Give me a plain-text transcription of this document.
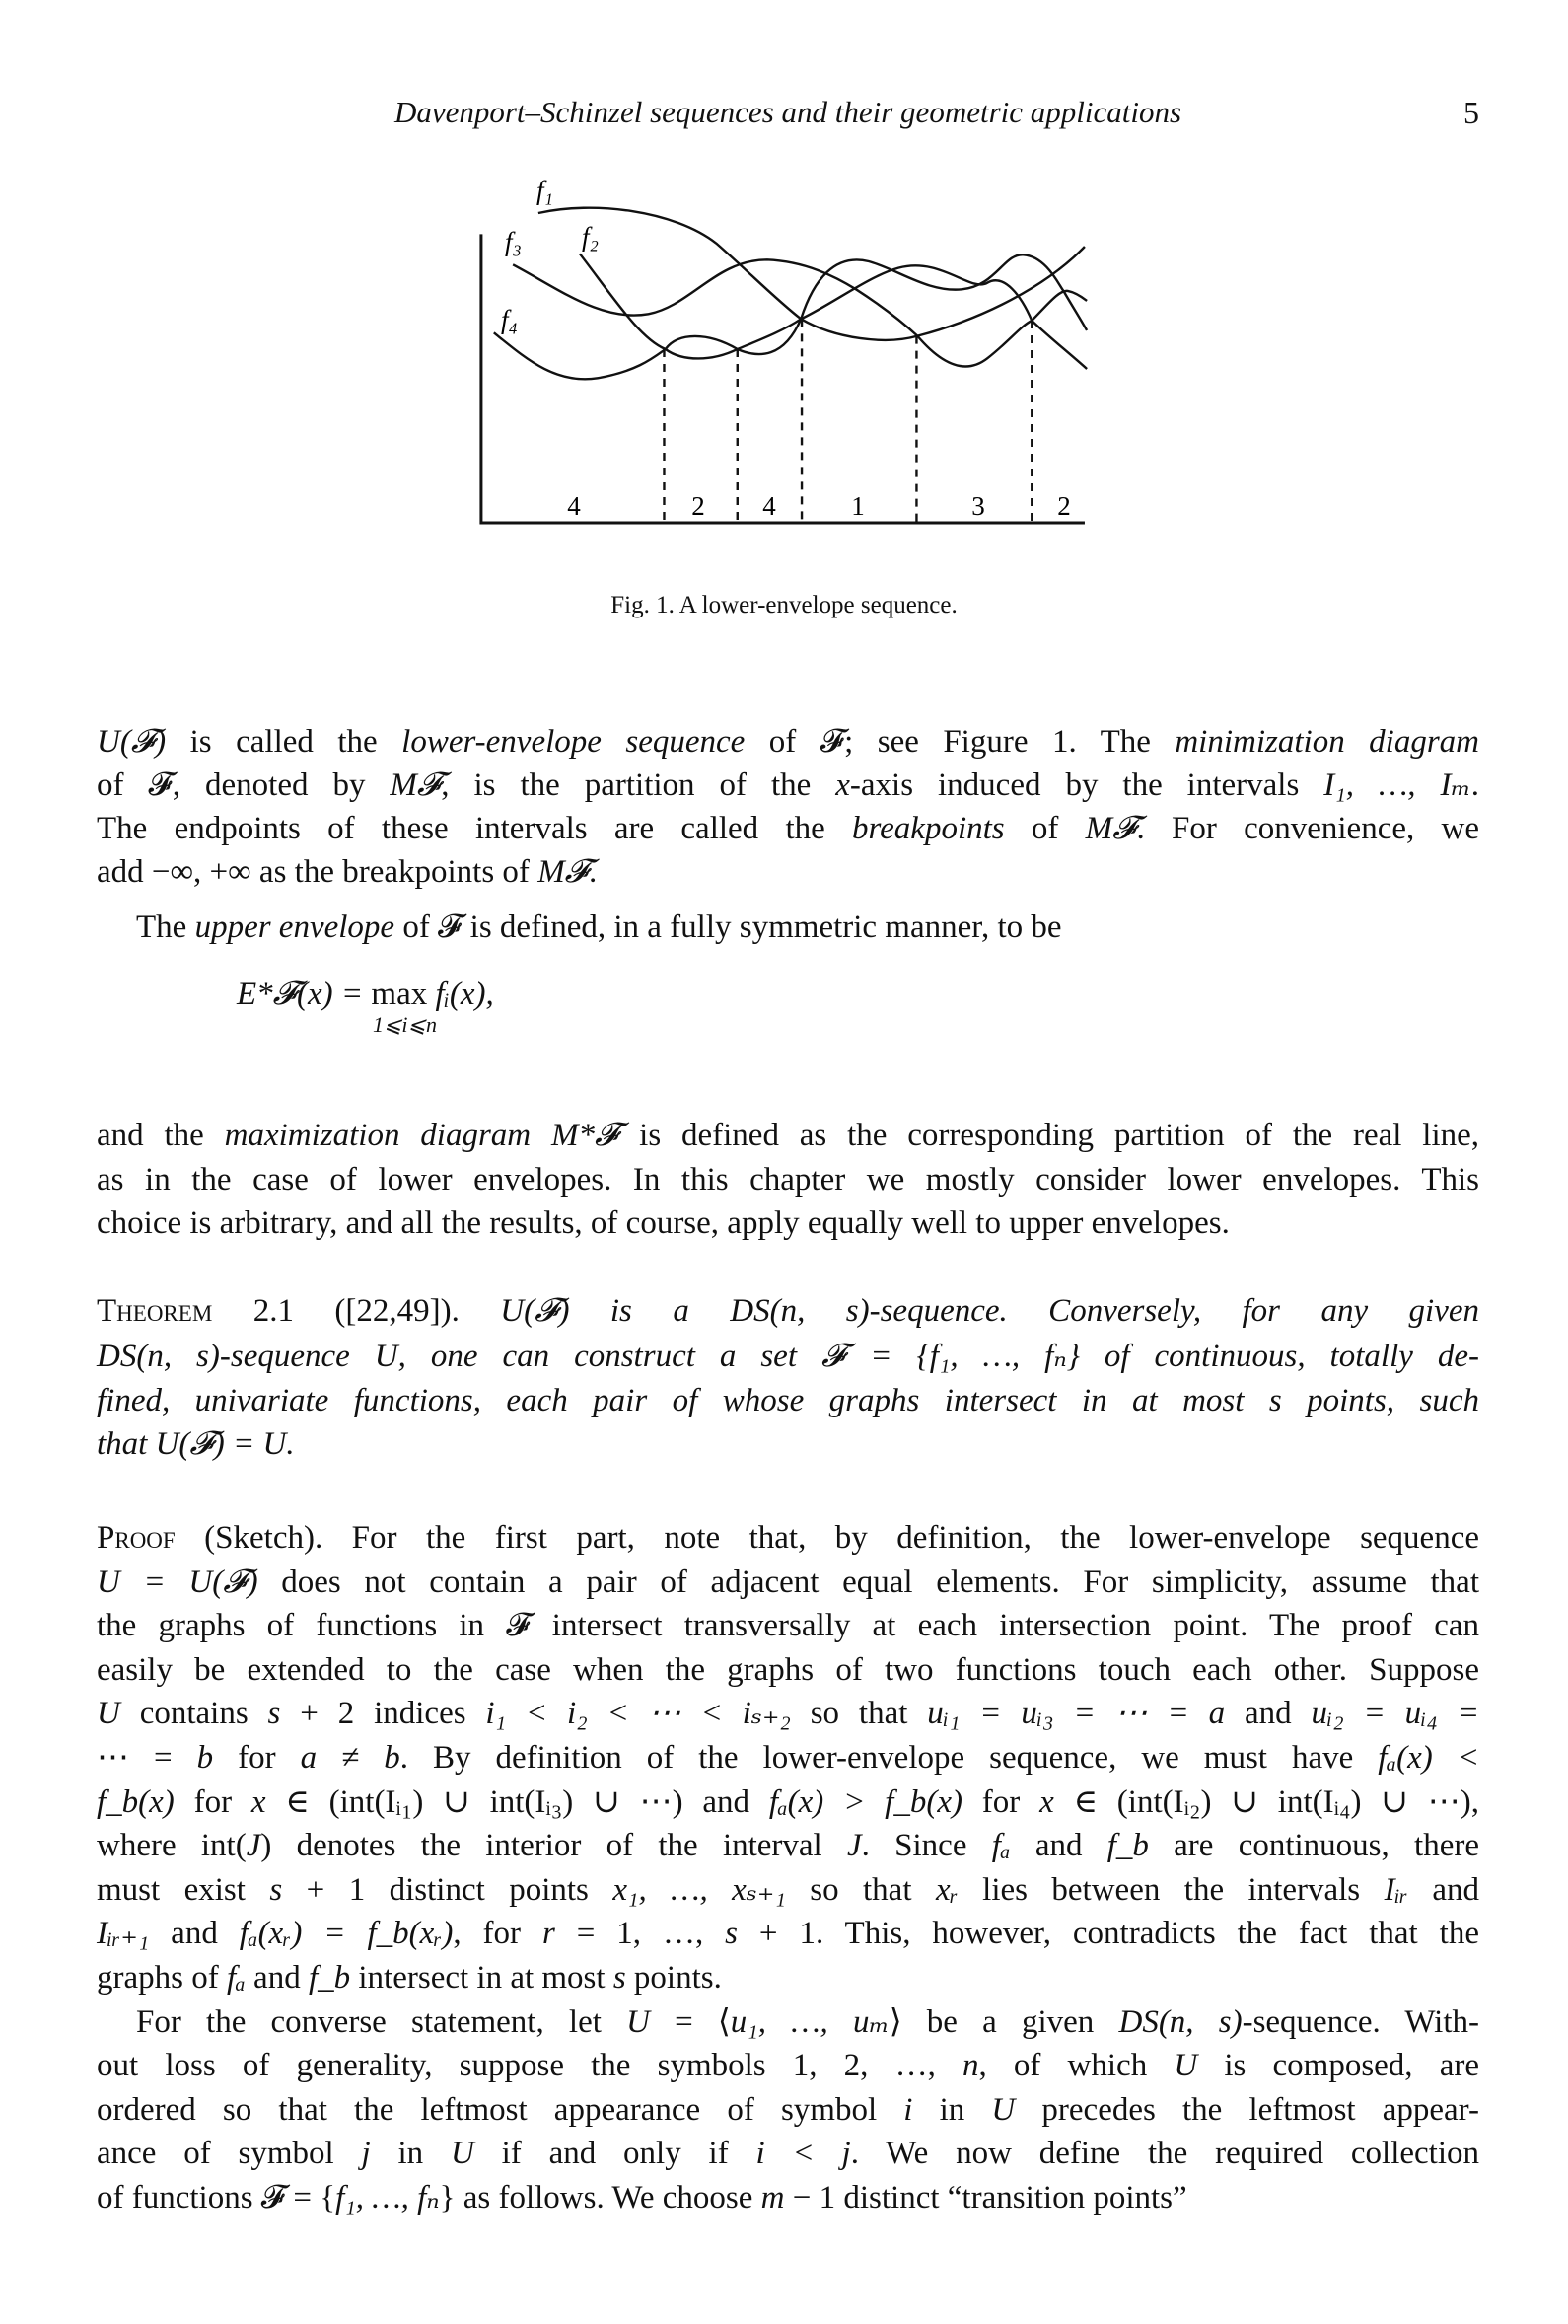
Davenport–Schinzel sequences and their geometric applications	5
f₁
f₃ f₂
f₄
4	2 4	1	3	2
Fig. 1. A lower-envelope sequence.
E*𝓕(x) = max fᵢ(x),
1⩽i⩽n
U(𝓕) is called the lower-envelope sequence of 𝓕; see Figure 1. The minimization diagram
of 𝓕, denoted by M𝓕, is the partition of the x-axis induced by the intervals I₁, …, Iₘ.
The endpoints of these intervals are called the breakpoints of M𝓕. For convenience, we
add −∞, +∞ as the breakpoints of M𝓕.
The upper envelope of 𝓕 is defined, in a fully symmetric manner, to be
and the maximization diagram M*𝓕 is defined as the corresponding partition of the real line,
as in the case of lower envelopes. In this chapter we mostly consider lower envelopes. This
choice is arbitrary, and all the results, of course, apply equally well to upper envelopes.
Theorem 2.1 ([22,49]). U(𝓕) is a DS(n, s)-sequence. Conversely, for any given
DS(n, s)-sequence U, one can construct a set 𝓕 = {f₁, …, fₙ} of continuous, totally de-
fined, univariate functions, each pair of whose graphs intersect in at most s points, such
that U(𝓕) = U.
Proof (Sketch). For the first part, note that, by definition, the lower-envelope sequence
U = U(𝓕) does not contain a pair of adjacent equal elements. For simplicity, assume that
the graphs of functions in 𝓕 intersect transversally at each intersection point. The proof can
easily be extended to the case when the graphs of two functions touch each other. Suppose
U contains s + 2 indices i₁ < i₂ < ⋯ < iₛ₊₂ so that uᵢ₁ = uᵢ₃ = ⋯ = a and uᵢ₂ = uᵢ₄ =
⋯ = b for a ≠ b. By definition of the lower-envelope sequence, we must have fₐ(x) <
f_b(x) for x ∈ (int(Iᵢ₁) ∪ int(Iᵢ₃) ∪ ⋯) and fₐ(x) > f_b(x) for x ∈ (int(Iᵢ₂) ∪ int(Iᵢ₄) ∪ ⋯),
where int(J) denotes the interior of the interval J. Since fₐ and f_b are continuous, there
must exist s + 1 distinct points x₁, …, xₛ₊₁ so that xᵣ lies between the intervals Iᵢᵣ and
Iᵢᵣ₊₁ and fₐ(xᵣ) = f_b(xᵣ), for r = 1, …, s + 1. This, however, contradicts the fact that the
graphs of fₐ and f_b intersect in at most s points.
For the converse statement, let U = ⟨u₁, …, uₘ⟩ be a given DS(n, s)-sequence. With-
out loss of generality, suppose the symbols 1, 2, …, n, of which U is composed, are
ordered so that the leftmost appearance of symbol i in U precedes the leftmost appear-
ance of symbol j in U if and only if i < j. We now define the required collection
of functions 𝓕 = {f₁, …, fₙ} as follows. We choose m − 1 distinct “transition points”
